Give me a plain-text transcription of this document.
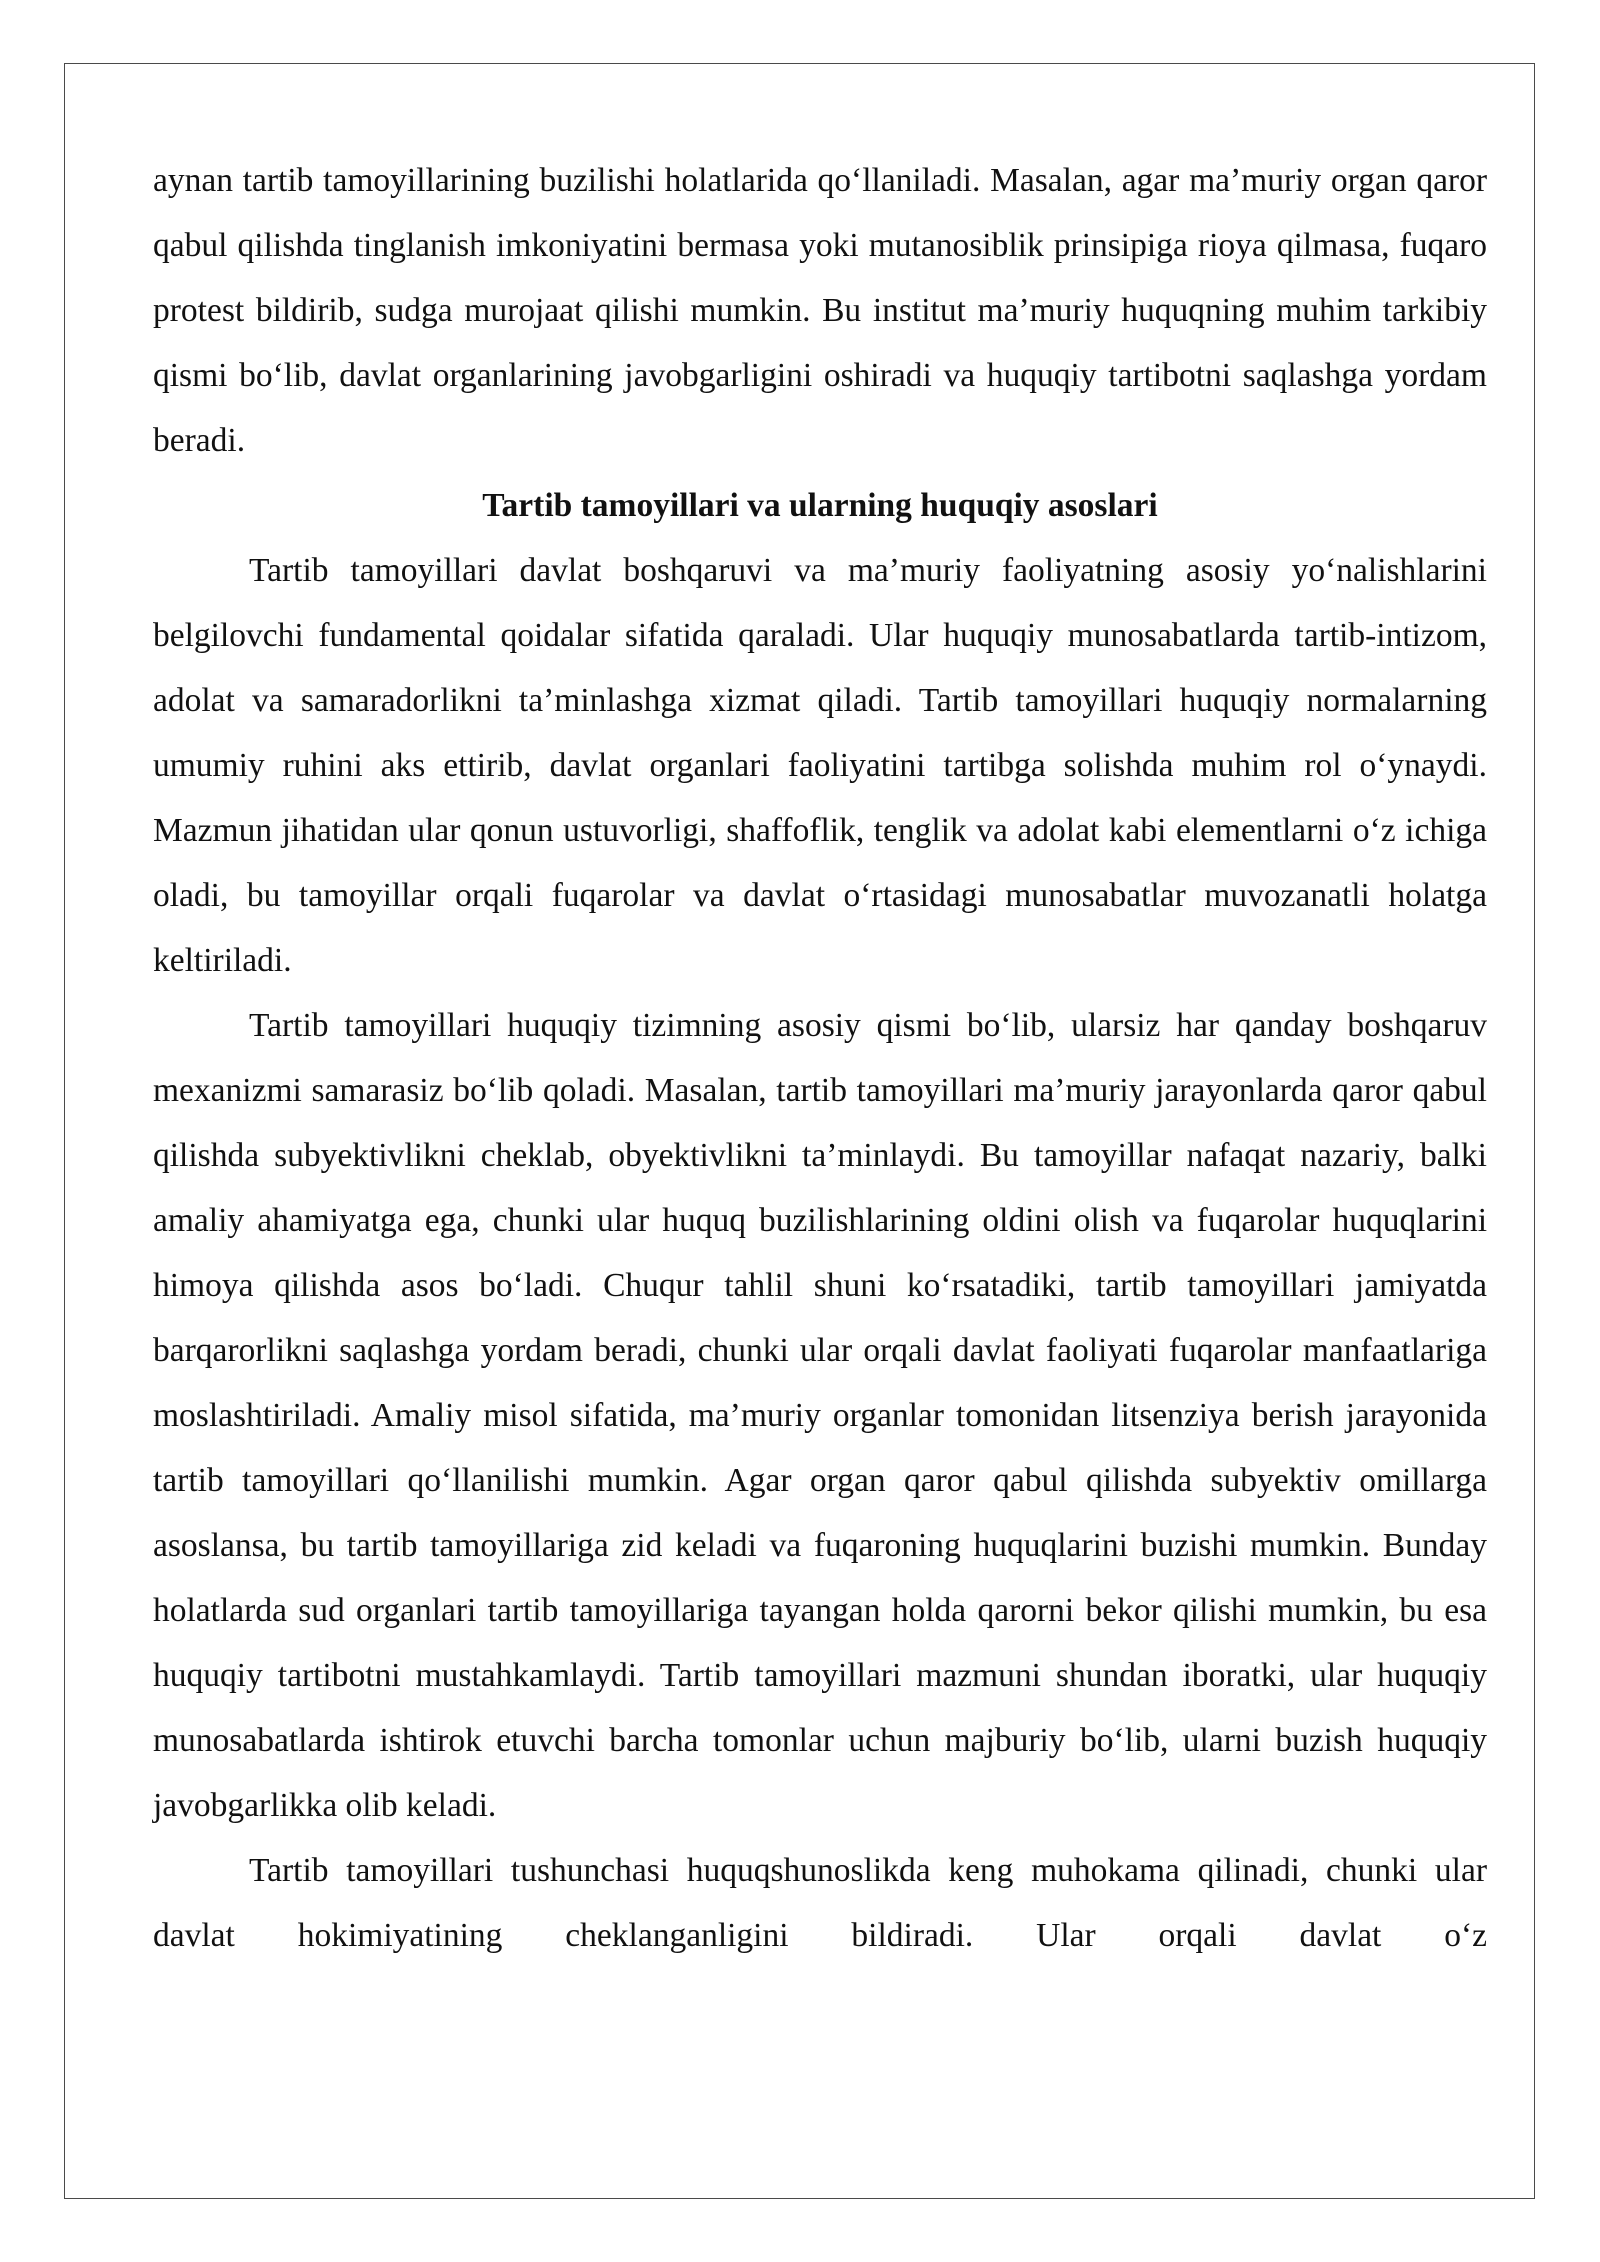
aynan tartib tamoyillarining buzilishi holatlarida qo‘llaniladi. Masalan, agar ma’muriy organ qaror qabul qilishda tinglanish imkoniyatini bermasa yoki mutanosiblik prinsipiga rioya qilmasa, fuqaro protest bildirib, sudga murojaat qilishi mumkin. Bu institut ma’muriy huquqning muhim tarkibiy qismi bo‘lib, davlat organlarining javobgarligini oshiradi va huquqiy tartibotni saqlashga yordam beradi.

Tartib tamoyillari va ularning huquqiy asoslari

Tartib tamoyillari davlat boshqaruvi va ma’muriy faoliyatning asosiy yo‘nalishlarini belgilovchi fundamental qoidalar sifatida qaraladi. Ular huquqiy munosabatlarda tartib-intizom, adolat va samaradorlikni ta’minlashga xizmat qiladi. Tartib tamoyillari huquqiy normalarning umumiy ruhini aks ettirib, davlat organlari faoliyatini tartibga solishda muhim rol o‘ynaydi. Mazmun jihatidan ular qonun ustuvorligi, shaffoflik, tenglik va adolat kabi elementlarni o‘z ichiga oladi, bu tamoyillar orqali fuqarolar va davlat o‘rtasidagi munosabatlar muvozanatli holatga keltiriladi.

Tartib tamoyillari huquqiy tizimning asosiy qismi bo‘lib, ularsiz har qanday boshqaruv mexanizmi samarasiz bo‘lib qoladi. Masalan, tartib tamoyillari ma’muriy jarayonlarda qaror qabul qilishda subyektivlikni cheklab, obyektivlikni ta’minlaydi. Bu tamoyillar nafaqat nazariy, balki amaliy ahamiyatga ega, chunki ular huquq buzilishlarining oldini olish va fuqarolar huquqlarini himoya qilishda asos bo‘ladi. Chuqur tahlil shuni ko‘rsatadiki, tartib tamoyillari jamiyatda barqarorlikni saqlashga yordam beradi, chunki ular orqali davlat faoliyati fuqarolar manfaatlariga moslashtiriladi. Amaliy misol sifatida, ma’muriy organlar tomonidan litsenziya berish jarayonida tartib tamoyillari qo‘llanilishi mumkin. Agar organ qaror qabul qilishda subyektiv omillarga asoslansa, bu tartib tamoyillariga zid keladi va fuqaroning huquqlarini buzishi mumkin. Bunday holatlarda sud organlari tartib tamoyillariga tayangan holda qarorni bekor qilishi mumkin, bu esa huquqiy tartibotni mustahkamlaydi. Tartib tamoyillari mazmuni shundan iboratki, ular huquqiy munosabatlarda ishtirok etuvchi barcha tomonlar uchun majburiy bo‘lib, ularni buzish huquqiy javobgarlikka olib keladi.

Tartib tamoyillari tushunchasi huquqshunoslikda keng muhokama qilinadi, chunki ular davlat hokimiyatining cheklanganligini bildiradi. Ular orqali davlat o‘z
